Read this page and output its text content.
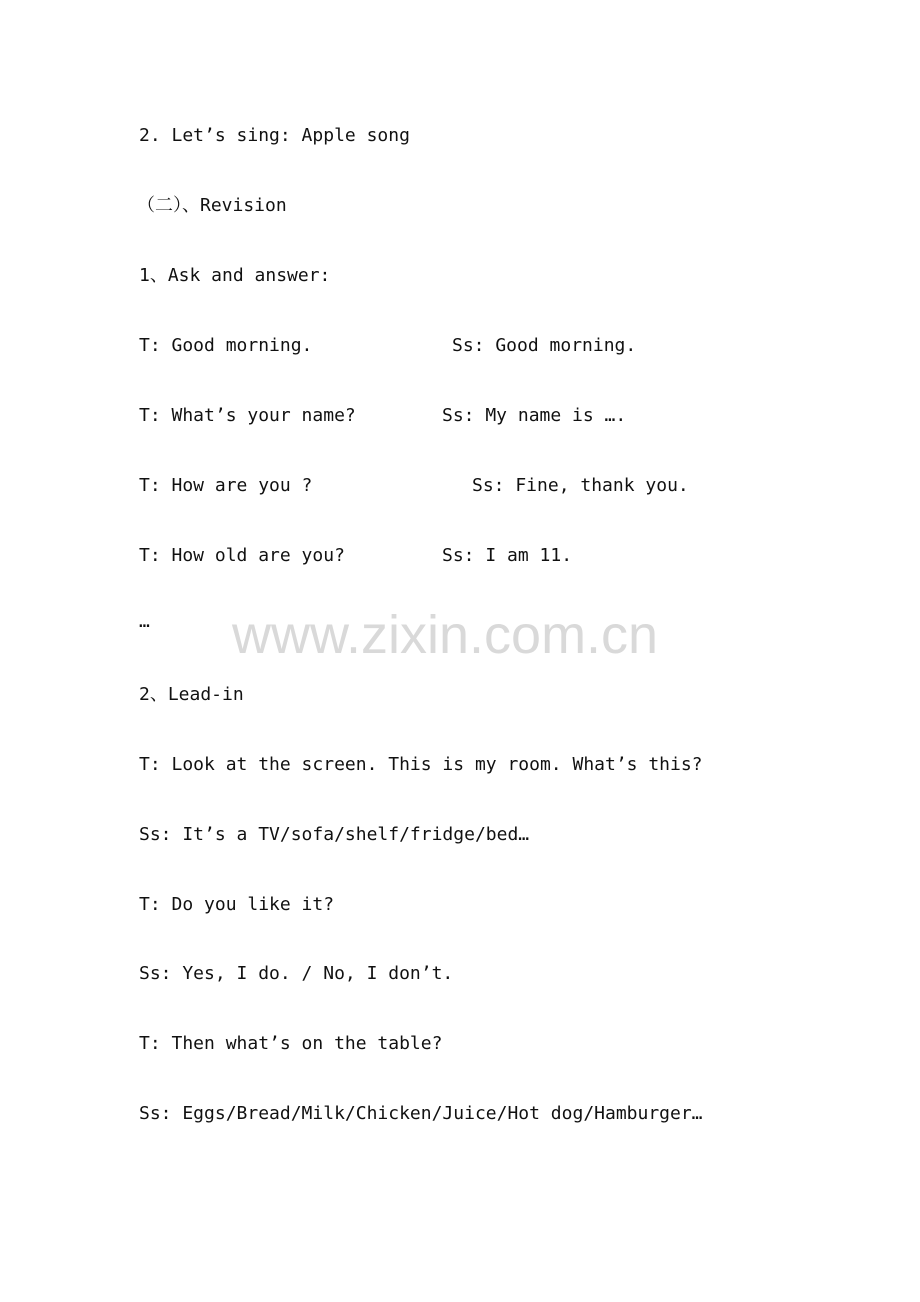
2. Let’s sing: Apple song
（二）、Revision
1、Ask and answer:
T: Good morning.	Ss: Good morning.
T: What’s your name?	Ss: My name is ….
T: How are you ?	Ss: Fine, thank you.
T: How old are you?	Ss: I am 11.
… www.zixin.com.cn
2、Lead-in
T: Look at the screen. This is my room. What’s this?
Ss: It’s a TV/sofa/shelf/fridge/bed…
T: Do you like it?
Ss: Yes, I do. / No, I don’t.
T: Then what’s on the table?
Ss: Eggs/Bread/Milk/Chicken/Juice/Hot dog/Hamburger…
